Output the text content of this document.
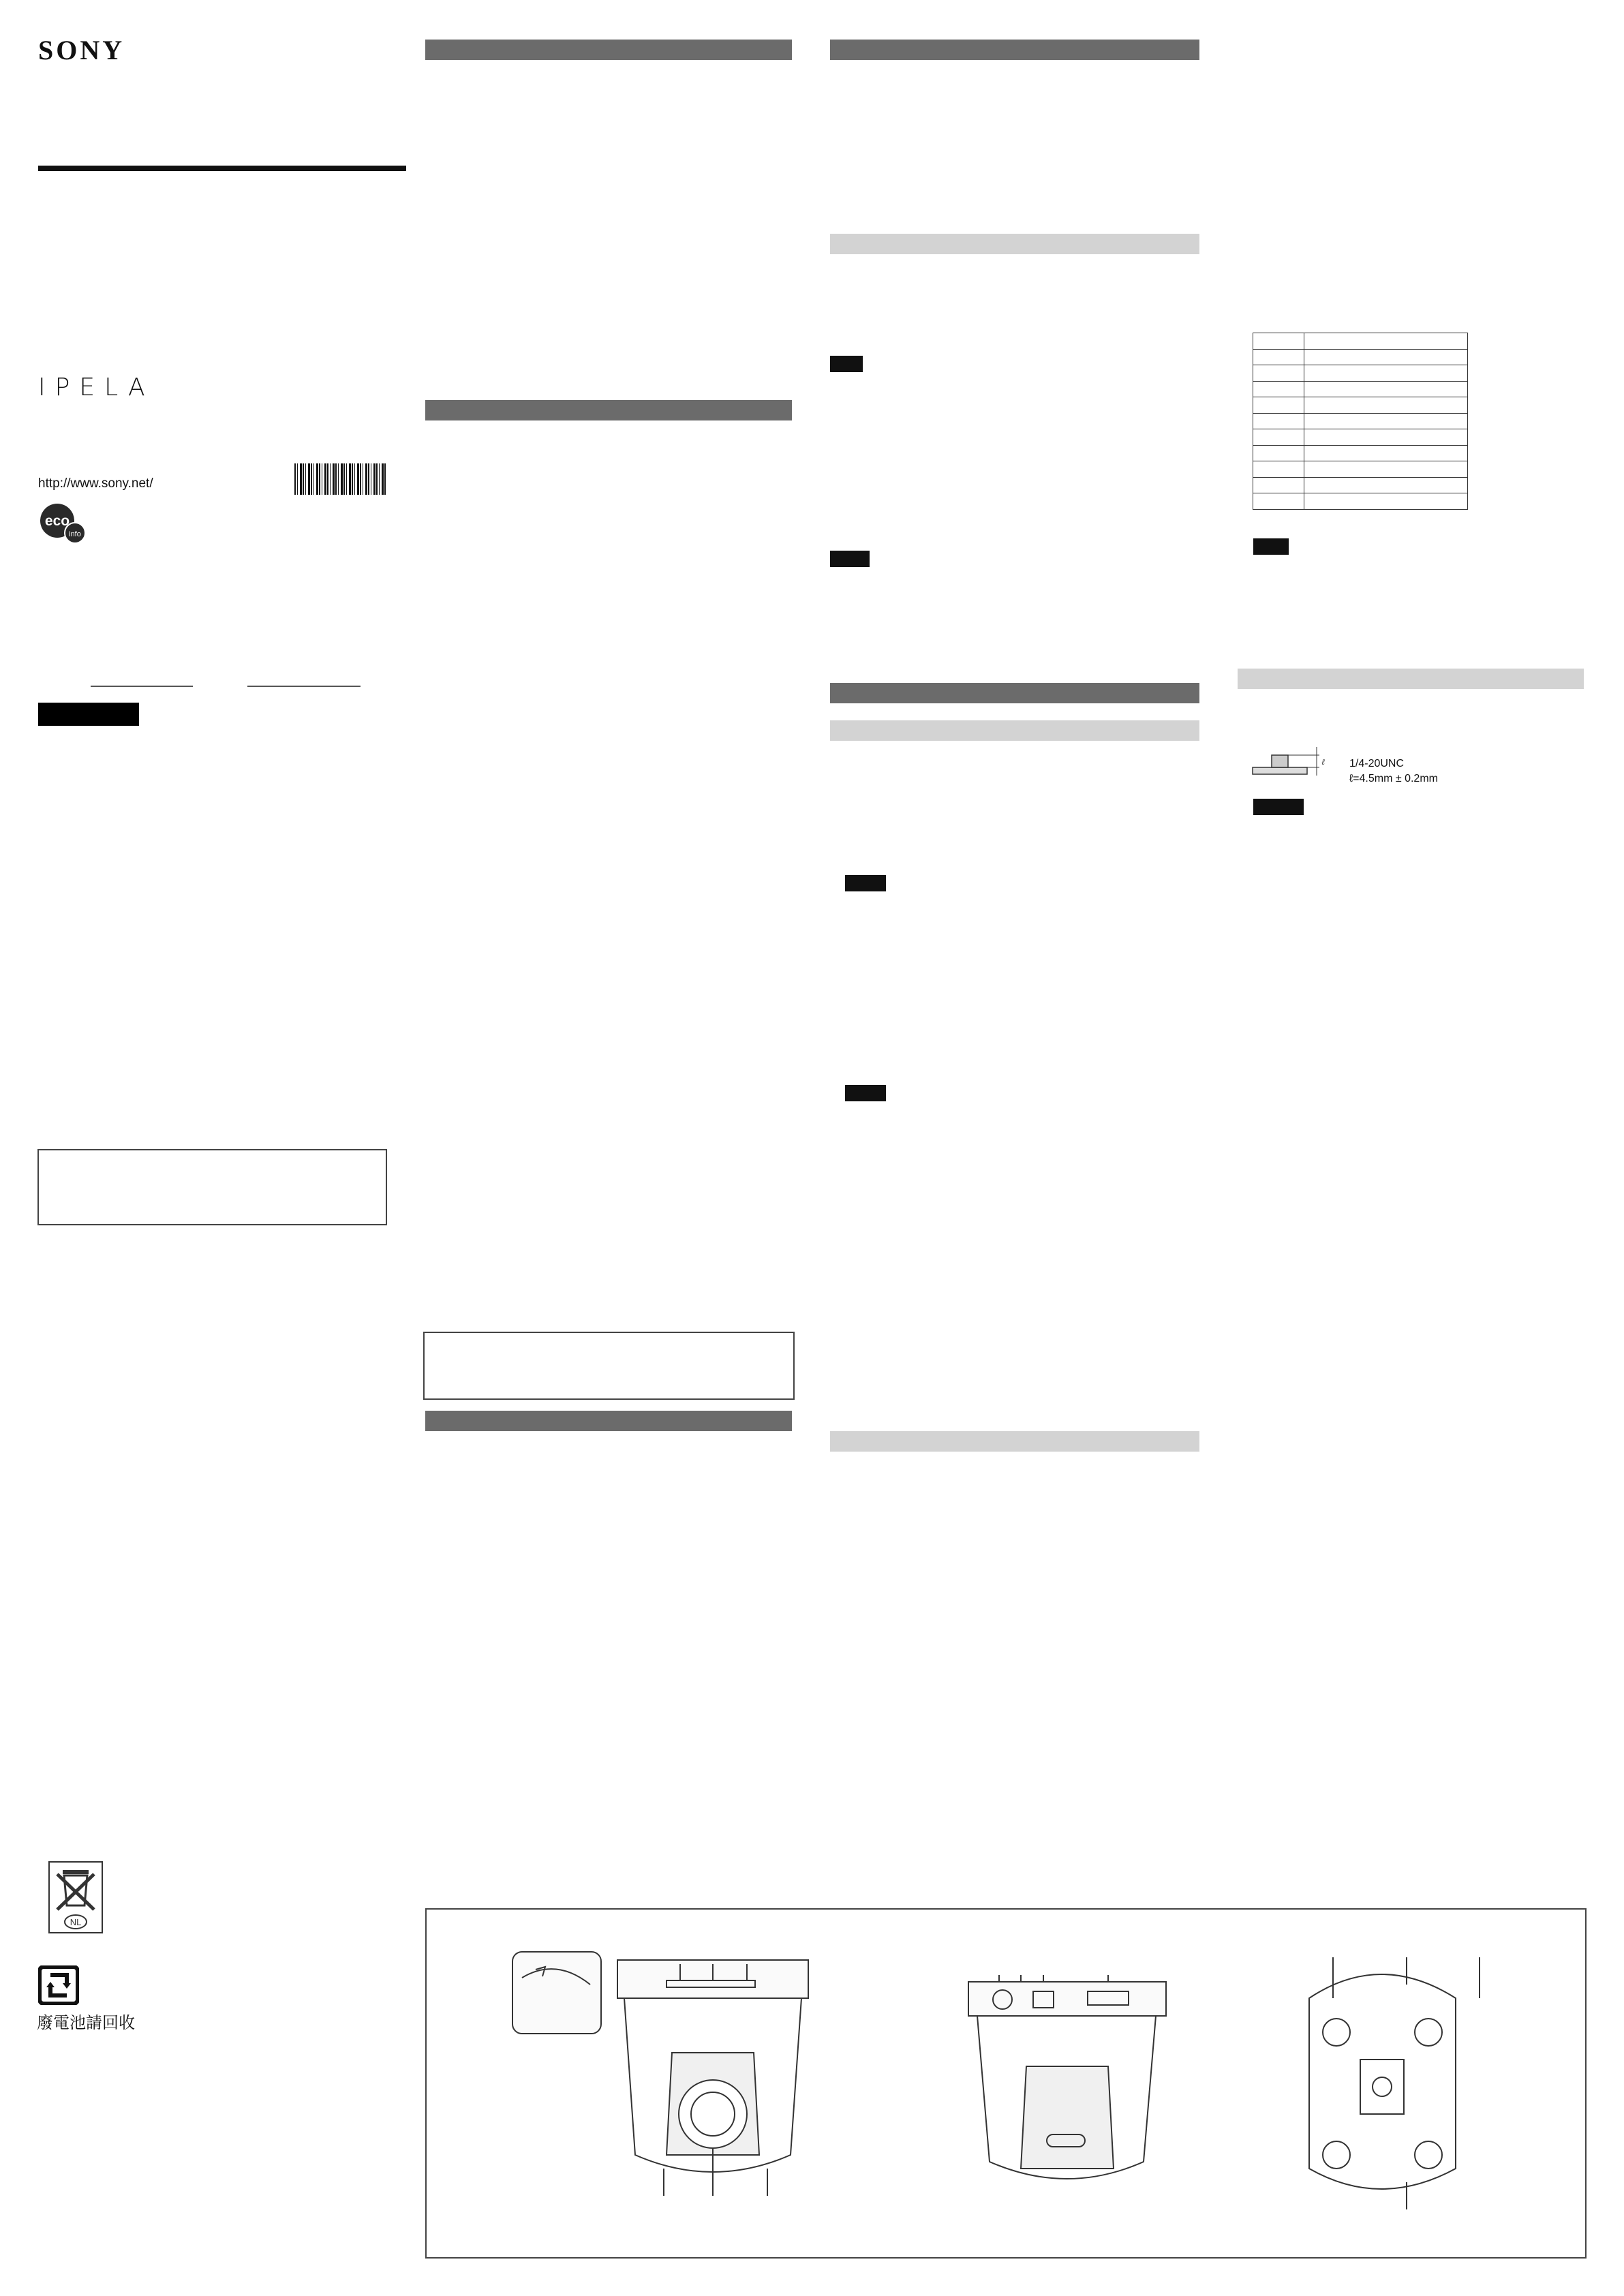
SONY
IPELA
http://www.sony.net/
eco
info
NL
廢電池請回收

ℓ 1/4-20UNC
ℓ=4.5mm ± 0.2mm
